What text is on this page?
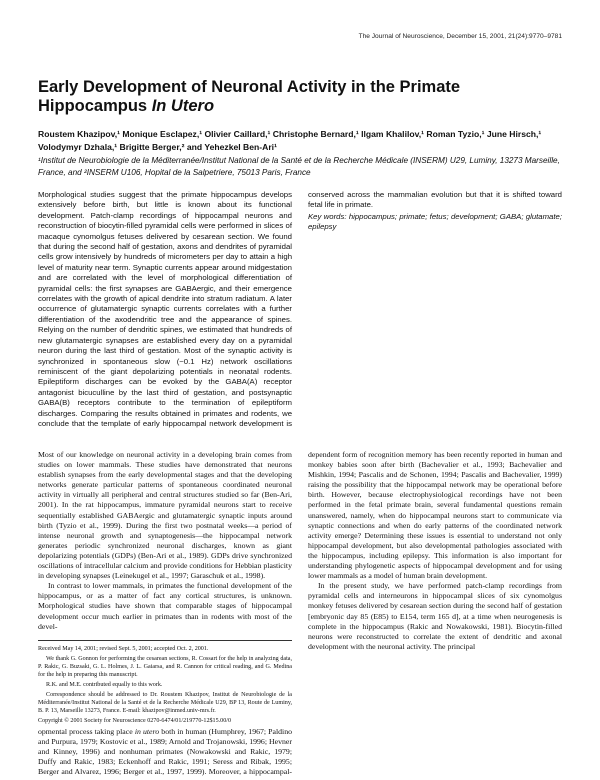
The Journal of Neuroscience, December 15, 2001, 21(24):9770–9781
Early Development of Neuronal Activity in the Primate
Hippocampus In Utero

Roustem Khazipov,¹ Monique Esclapez,¹ Olivier Caillard,¹ Christophe Bernard,¹ Ilgam Khalilov,¹ Roman Tyzio,¹ June Hirsch,¹ Volodymyr Dzhala,¹ Brigitte Berger,² and Yehezkel Ben-Ari¹

¹Institut de Neurobiologie de la Méditerranée/Institut National de la Santé et de la Recherche Médicale (INSERM) U29, Luminy, 13273 Marseille, France, and ²INSERM U106, Hopital de la Salpetriere, 75013 Paris, France

Morphological studies suggest that the primate hippocampus develops extensively before birth, but little is known about its functional development. Patch-clamp recordings of hippocampal neurons and reconstruction of biocytin-filled pyramidal cells were performed in slices of macaque cynomolgus fetuses delivered by cesarean section. We found that during the second half of gestation, axons and dendrites of pyramidal cells grow intensively by hundreds of micrometers per day to attain a high level of maturity near term. Synaptic currents appear around midgestation and are correlated with the level of morphological differentiation of pyramidal cells: the first synapses are GABAergic, and their emergence correlates with the growth of apical dendrite into stratum radiatum. A later occurrence of glutamatergic synaptic currents correlates with a further differentiation of the axodendritic tree and the appearance of spines. Relying on the number of dendritic spines, we estimated that hundreds of new glutamatergic synapses are established every day on a pyramidal neuron during the last third of gestation. Most of the synaptic activity is synchronized in spontaneous slow (~0.1 Hz) network oscillations reminiscent of the giant depolarizing potentials in neonatal rodents. Epileptiform discharges can be evoked by the GABA(A) receptor antagonist bicuculline by the last third of gestation, and postsynaptic GABA(B) receptors contribute to the termination of epileptiform discharges. Comparing the results obtained in primates and rodents, we conclude that the template of early hippocampal network development is conserved across the mammalian evolution but that it is shifted toward fetal life in primate.

Key words: hippocampus; primate; fetus; development; GABA; glutamate; epilepsy

Most of our knowledge on neuronal activity in a developing brain comes from studies on lower mammals. These studies have demonstrated that neurons establish synapses from the early developmental stages and that the developing networks generate particular patterns of spontaneous coordinated neuronal activity in virtually all peripheral and central structures studied so far (Ben-Ari, 2001). In the rat hippocampus, immature pyramidal neurons start to receive sequentially established GABAergic and glutamatergic synaptic inputs around birth (Tyzio et al., 1999). During the first two postnatal weeks—a period of intense neuronal growth and synaptogenesis—the hippocampal network generates periodic synchronized neuronal discharges, known as giant depolarizing potentials (GDPs) (Ben-Ari et al., 1989). GDPs drive synchronized oscillations of intracellular calcium and provide conditions for Hebbian plasticity in developing synapses (Leinekugel et al., 1997; Garaschuk et al., 1998).

In contrast to lower mammals, in primates the functional development of the hippocampus, or as a matter of fact any cortical structures, is unknown. Morphological studies have shown that comparable stages of hippocampal development occur much earlier in primates than in rodents with most of the devel-

Received May 14, 2001; revised Sept. 5, 2001; accepted Oct. 2, 2001.

We thank G. Gonnon for performing the cesarean sections, R. Cossart for the help in analyzing data, P. Rakic, G. Buzsaki, G. L. Holmes, J. L. Gaiarsa, and R. Cannon for critical reading, and G. Medina for the help in preparing this manuscript.

R.K. and M.E. contributed equally to this work.

Correspondence should be addressed to Dr. Roustem Khazipov, Institut de Neurobiologie de la Méditerranée/Institut National de la Santé et de la Recherche Médicale U29, BP 13, Route de Luminy, B. P. 13, Marseille 13273, France. E-mail: khazipov@inmed.univ-mrs.fr.

Copyright © 2001 Society for Neuroscience 0270-6474/01/219770-12$15.00/0

opmental process taking place in utero both in human (Humphrey, 1967; Paldino and Purpura, 1979; Kostovic et al., 1989; Arnold and Trojanowski, 1996; Hevner and Kinney, 1996) and nonhuman primates (Nowakowski and Rakic, 1979; Duffy and Rakic, 1983; Eckenhoff and Rakic, 1991; Seress and Ribak, 1995; Berger and Alvarez, 1996; Berger et al., 1997, 1999). Moreover, a hippocampal-dependent form of recognition memory has been recently reported in human and monkey babies soon after birth (Bachevalier et al., 1993; Bachevalier and Mishkin, 1994; Pascalis and de Schonen, 1994; Pascalis and Bachevalier, 1999) raising the possibility that the hippocampal network may be operational before birth. However, because electrophysiological recordings have not been performed in the fetal primate brain, several fundamental questions remain unanswered, namely, when do hippocampal neurons start to communicate via synaptic connections and when do early patterns of the coordinated network activity emerge? Determining these issues is essential to understand not only hippocampal development, but also developmental pathologies associated with the hippocampus, including epilepsy. This information is also important for understanding phylogenetic aspects of hippocampal development and for using lower mammals as a model of human brain development.

In the present study, we have performed patch-clamp recordings from pyramidal cells and interneurons in hippocampal slices of six cynomolgus monkey fetuses delivered by cesarean section during the second half of gestation [embryonic day 85 (E85) to E154, term 165 d], at a time when neurogenesis is complete in the hippocampus (Rakic and Nowakowski, 1981). Biocytin-filled neurons were reconstructed to correlate the extent of dendritic and axonal development with the neuronal activity. The principal
